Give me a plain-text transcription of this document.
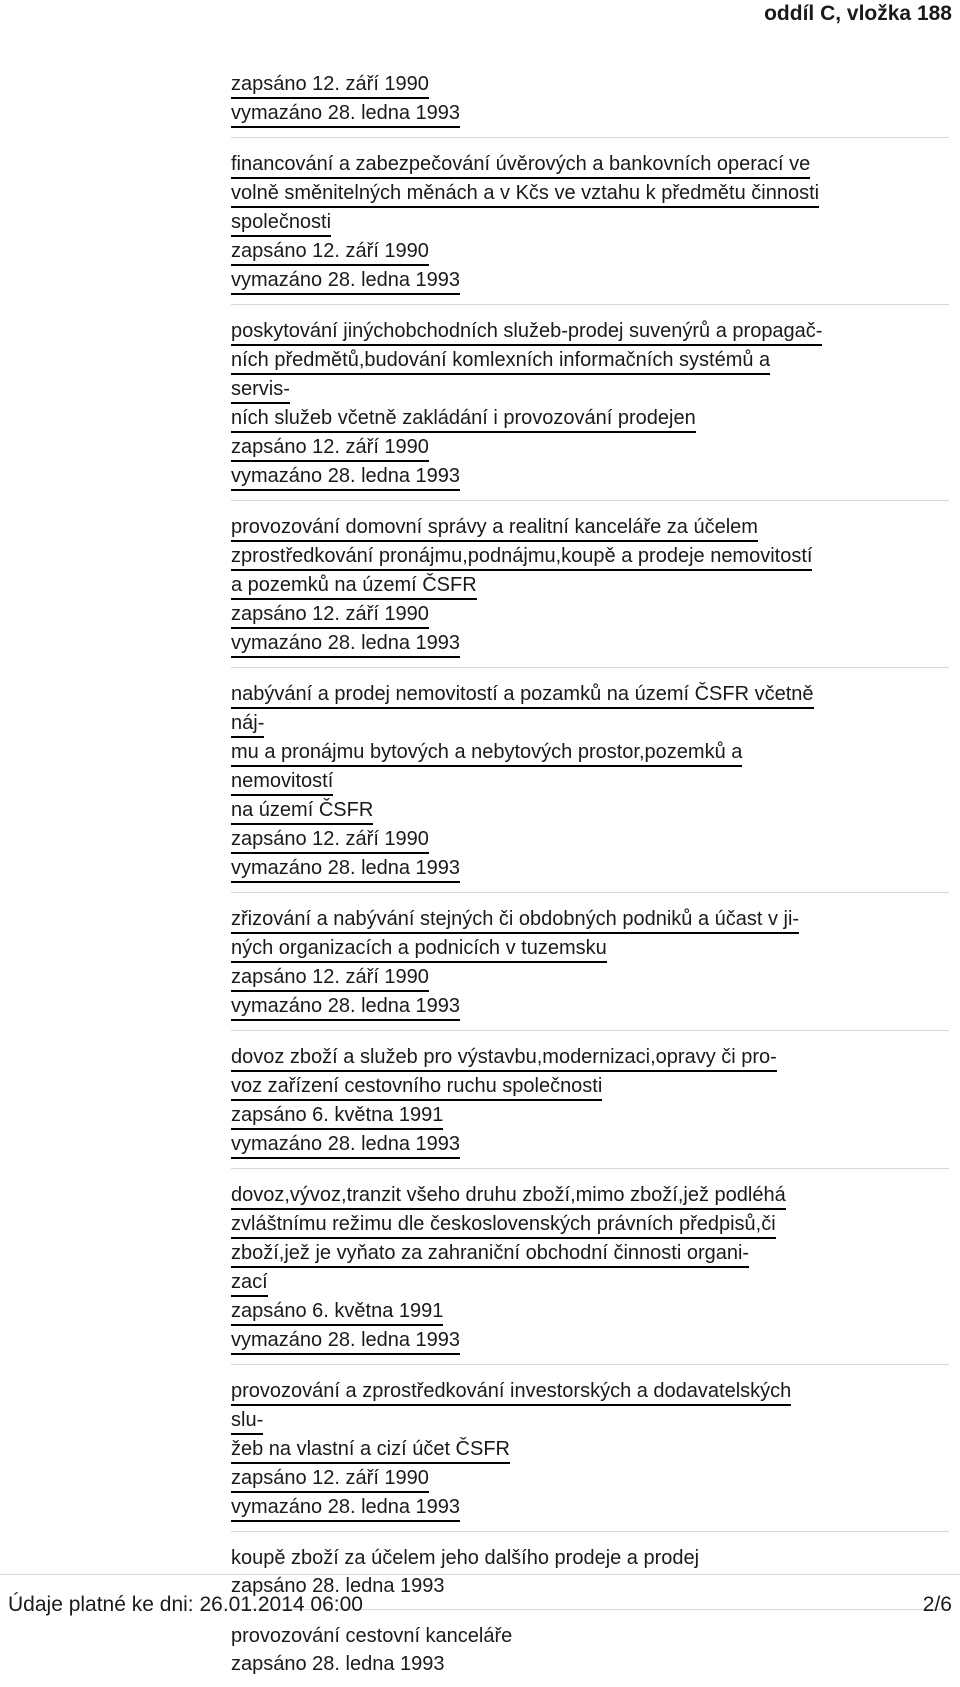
oddíl C, vložka 188
zapsáno 12. září 1990
vymazáno 28. ledna 1993
financování a zabezpečování úvěrových a bankovních operací ve
volně směnitelných měnách a v Kčs ve vztahu k předmětu činnosti
společnosti
zapsáno 12. září 1990
vymazáno 28. ledna 1993
poskytování jinýchobchodních služeb-prodej suvenýrů a propagač-
ních předmětů,budování komlexních informačních systémů a
servis-
ních služeb včetně zakládání i provozování prodejen
zapsáno 12. září 1990
vymazáno 28. ledna 1993
provozování domovní správy a realitní kanceláře za účelem
zprostředkování pronájmu,podnájmu,koupě a prodeje nemovitostí
a pozemků na území ČSFR
zapsáno 12. září 1990
vymazáno 28. ledna 1993
nabývání a prodej nemovitostí a pozamků na území ČSFR včetně
náj-
mu a pronájmu bytových a nebytových prostor,pozemků a
nemovitostí
na území ČSFR
zapsáno 12. září 1990
vymazáno 28. ledna 1993
zřizování a nabývání stejných či obdobných podniků a účast v ji-
ných organizacích a podnicích v tuzemsku
zapsáno 12. září 1990
vymazáno 28. ledna 1993
dovoz zboží a služeb pro výstavbu,modernizaci,opravy či pro-
voz zařízení cestovního ruchu společnosti
zapsáno 6. května 1991
vymazáno 28. ledna 1993
dovoz,vývoz,tranzit všeho druhu zboží,mimo zboží,jež podléhá
zvláštnímu režimu dle československých právních předpisů,či
zboží,jež je vyňato za zahraniční obchodní činnosti organi-
zací
zapsáno 6. května 1991
vymazáno 28. ledna 1993
provozování a zprostředkování investorských a dodavatelských
slu-
žeb na vlastní a cizí účet ČSFR
zapsáno 12. září 1990
vymazáno 28. ledna 1993
koupě zboží za účelem jeho dalšího prodeje a prodej
zapsáno 28. ledna 1993
provozování cestovní kanceláře
zapsáno 28. ledna 1993
Údaje platné ke dni: 26.01.2014 06:00	2/6
